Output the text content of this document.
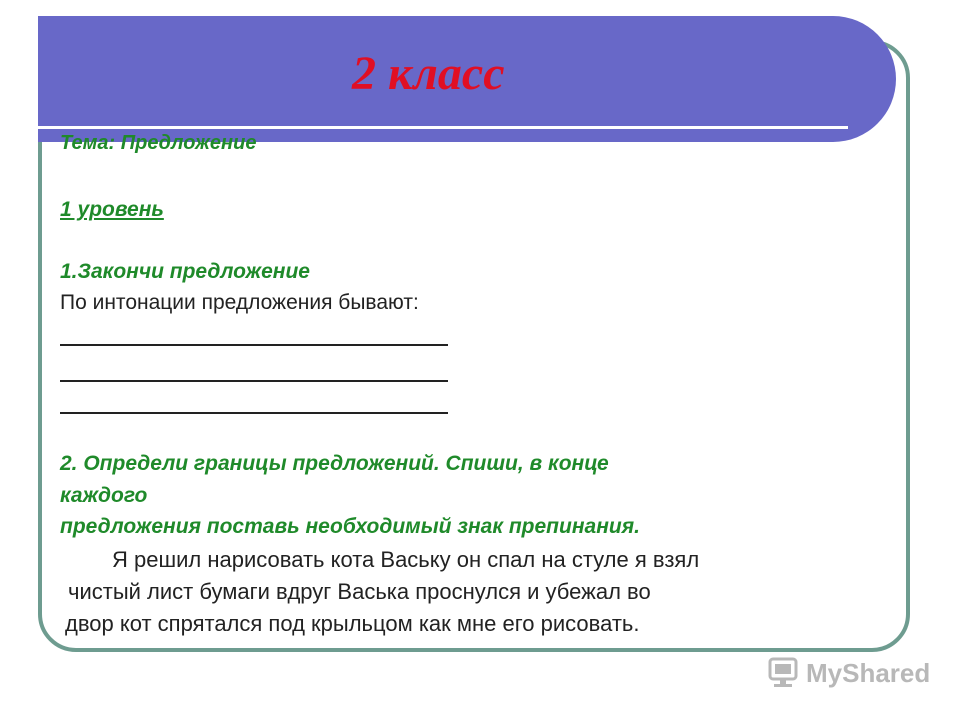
2 класс
Тема: Предложение
1 уровень
1.Закончи предложение
По интонации предложения бывают:
2. Определи границы предложений. Спиши, в конце
каждого
предложения поставь необходимый знак препинания.
Я решил нарисовать кота Ваську он спал на стуле я взял
чистый лист бумаги вдруг Васька проснулся и убежал во
двор кот спрятался под крыльцом как мне его рисовать.
MyShared
